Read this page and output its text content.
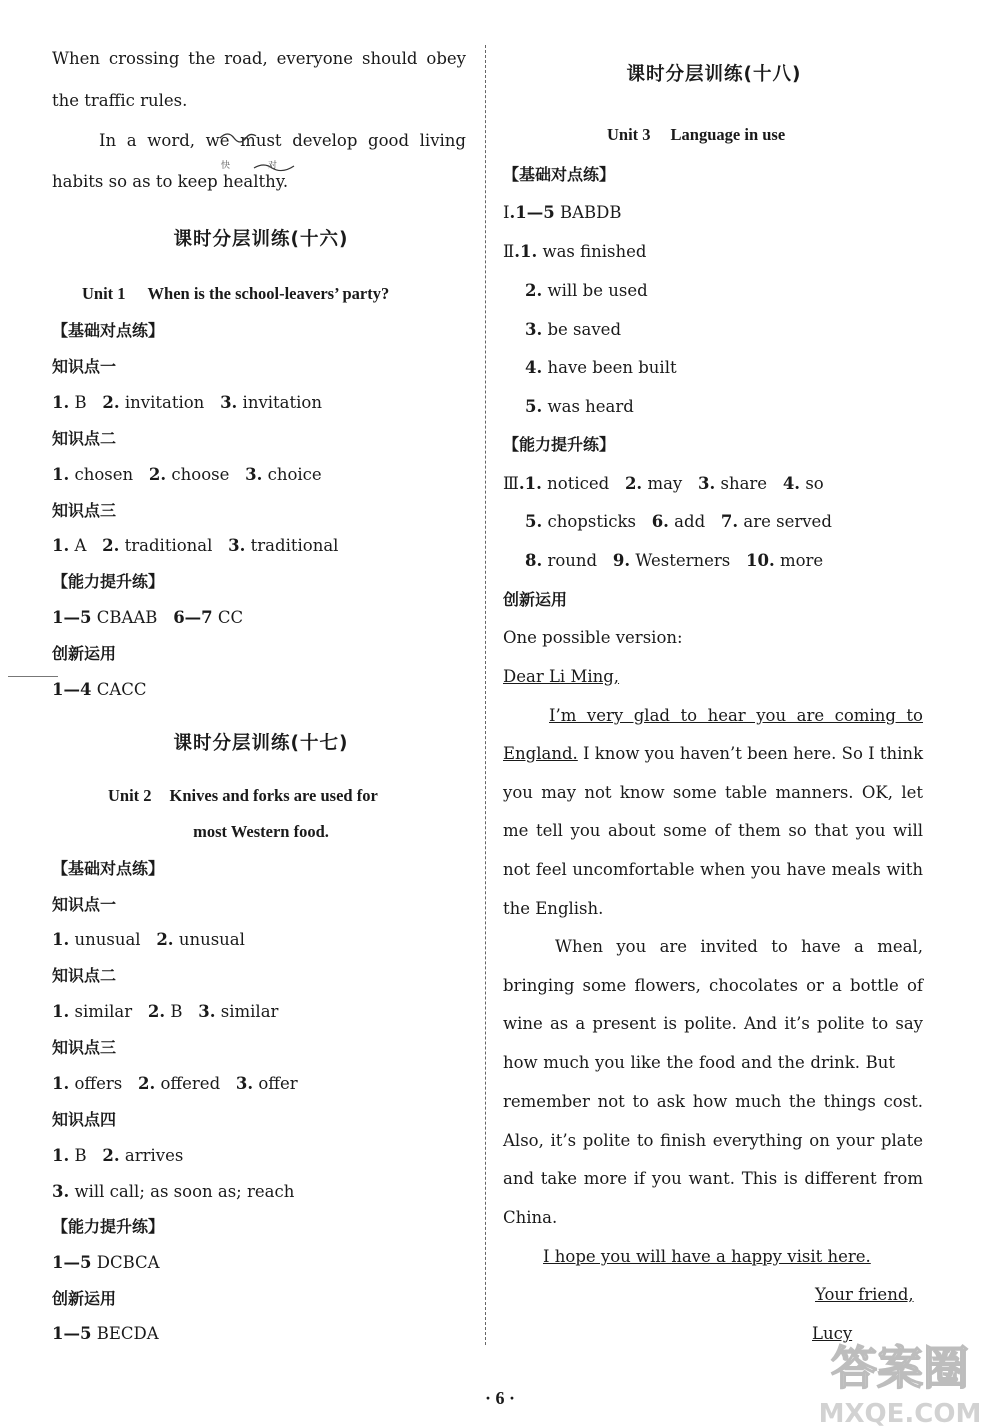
When crossing the road, everyone should obey
the traffic rules.
In a word, we must develop good living
habits so as to keep healthy.
课时分层训练(十六)
Unit 1 When is the school-leavers’ party?
【基础对点练】
知识点一
1. B 2. invitation 3. invitation
知识点二
1. chosen 2. choose 3. choice
知识点三
1. A 2. traditional 3. traditional
【能力提升练】
1—5 CBAAB 6—7 CC
创新运用
1—4 CACC
课时分层训练(十七)
Unit 2 Knives and forks are used for
most Western food.
【基础对点练】
知识点一
1. unusual 2. unusual
知识点二
1. similar 2. B 3. similar
知识点三
1. offers 2. offered 3. offer
知识点四
1. B 2. arrives
3. will call; as soon as; reach
【能力提升练】
1—5 DCBCA
创新运用
1—5 BECDA
快	对
课时分层训练(十八)
Unit 3 Language in use
【基础对点练】
Ⅰ.1—5 BABDB
Ⅱ.1. was finished
2. will be used
3. be saved
4. have been built
5. was heard
【能力提升练】
Ⅲ.1. noticed 2. may 3. share 4. so
5. chopsticks 6. add 7. are served
8. round 9. Westerners 10. more
创新运用
One possible version:
Dear Li Ming,
I’m very glad to hear you are coming to
England. I know you haven’t been here. So I think
you may not know some table manners. OK, let
me tell you about some of them so that you will
not feel uncomfortable when you have meals with
the English.
When you are invited to have a meal,
bringing some flowers, chocolates or a bottle of
wine as a present is polite. And it’s polite to say
how much you like the food and the drink. But
remember not to ask how much the things cost.
Also, it’s polite to finish everything on your plate
and take more if you want. This is different from
China.
I hope you will have a happy visit here.
Your friend,
Lucy
· 6 ·
答案圈
MXQE.COM
